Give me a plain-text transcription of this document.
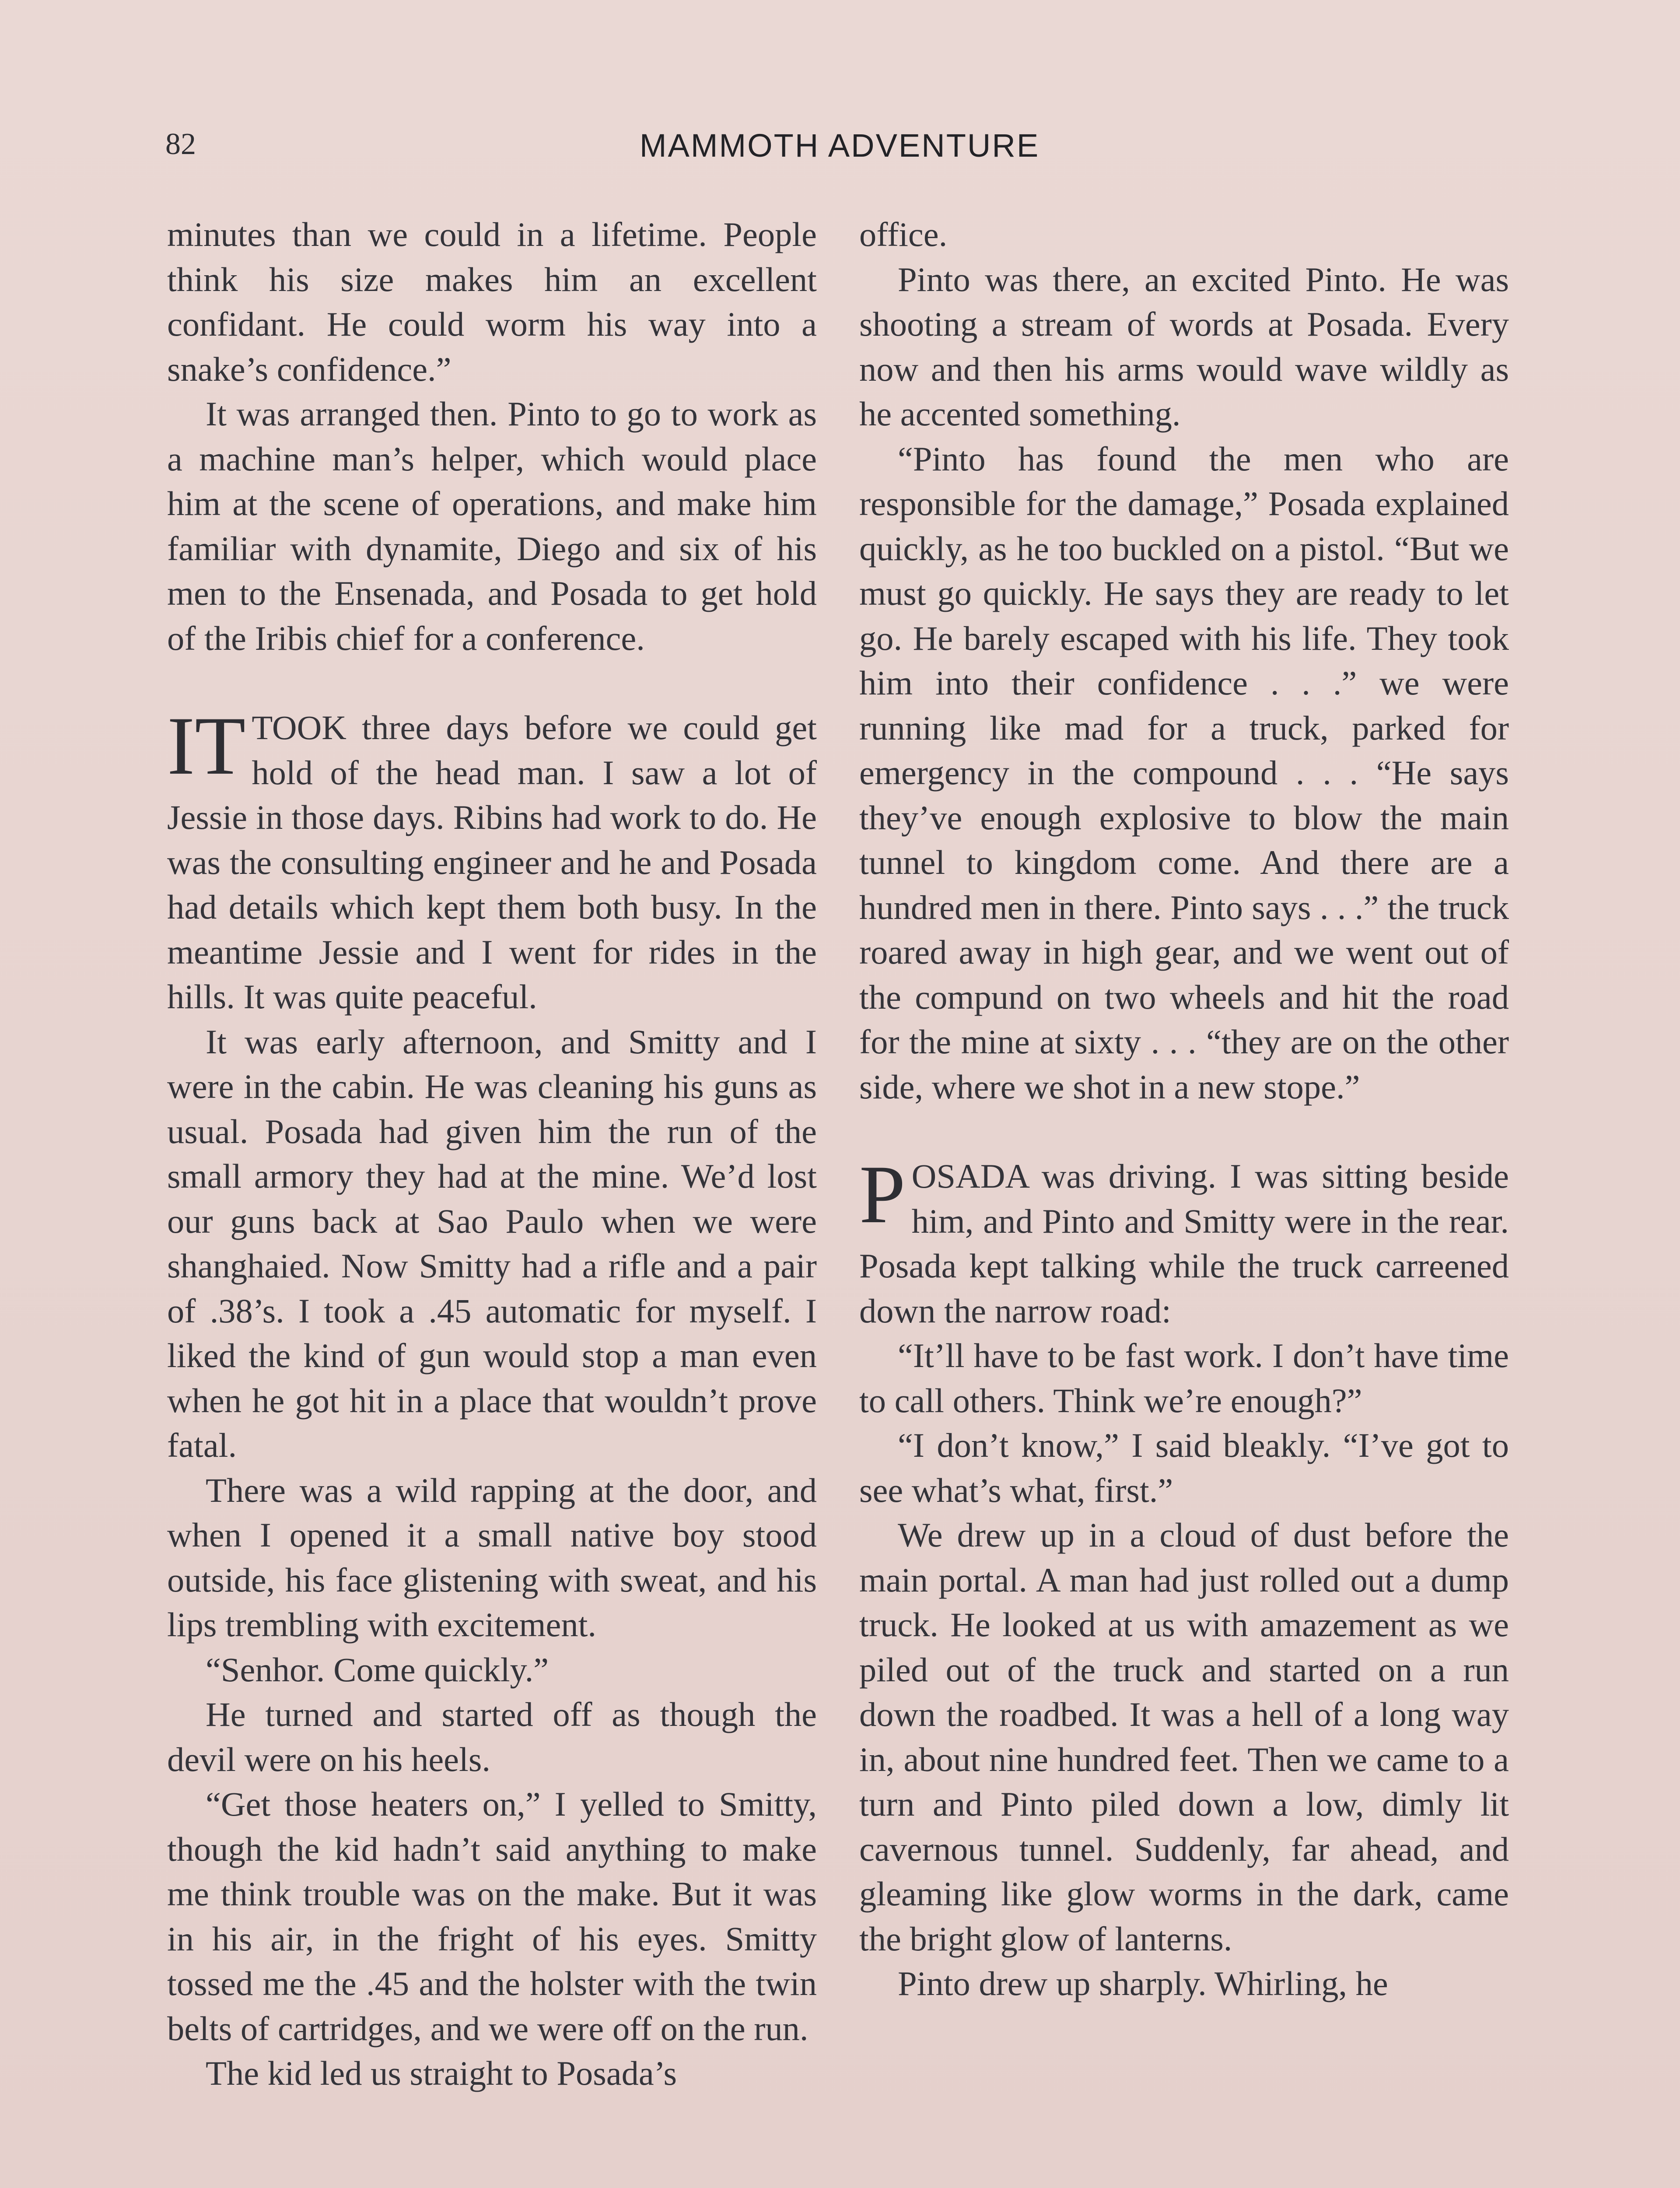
82	MAMMOTH ADVENTURE

minutes than we could in a lifetime. People think his size makes him an excellent confidant. He could worm his way into a snake’s confidence.”

It was arranged then. Pinto to go to work as a machine man’s helper, which would place him at the scene of operations, and make him familiar with dynamite, Diego and six of his men to the Ensenada, and Posada to get hold of the Iribis chief for a conference.

IT TOOK three days before we could get hold of the head man. I saw a lot of Jessie in those days. Ribins had work to do. He was the consulting engineer and he and Posada had details which kept them both busy. In the meantime Jessie and I went for rides in the hills. It was quite peaceful.

It was early afternoon, and Smitty and I were in the cabin. He was cleaning his guns as usual. Posada had given him the run of the small armory they had at the mine. We’d lost our guns back at Sao Paulo when we were shanghaied. Now Smitty had a rifle and a pair of .38’s. I took a .45 automatic for myself. I liked the kind of gun would stop a man even when he got hit in a place that wouldn’t prove fatal.

There was a wild rapping at the door, and when I opened it a small native boy stood outside, his face glistening with sweat, and his lips trembling with excitement.

“Senhor. Come quickly.”

He turned and started off as though the devil were on his heels.

“Get those heaters on,” I yelled to Smitty, though the kid hadn’t said anything to make me think trouble was on the make. But it was in his air, in the fright of his eyes. Smitty tossed me the .45 and the holster with the twin belts of cartridges, and we were off on the run.

The kid led us straight to Posada’s

office.

Pinto was there, an excited Pinto. He was shooting a stream of words at Posada. Every now and then his arms would wave wildly as he accented something.

“Pinto has found the men who are responsible for the damage,” Posada explained quickly, as he too buckled on a pistol. “But we must go quickly. He says they are ready to let go. He barely escaped with his life. They took him into their confidence . . .” we were running like mad for a truck, parked for emergency in the compound . . . “He says they’ve enough explosive to blow the main tunnel to kingdom come. And there are a hundred men in there. Pinto says . . .” the truck roared away in high gear, and we went out of the compund on two wheels and hit the road for the mine at sixty . . . “they are on the other side, where we shot in a new stope.”

POSADA was driving. I was sitting beside him, and Pinto and Smitty were in the rear. Posada kept talking while the truck carreened down the narrow road:

“It’ll have to be fast work. I don’t have time to call others. Think we’re enough?”

“I don’t know,” I said bleakly. “I’ve got to see what’s what, first.”

We drew up in a cloud of dust before the main portal. A man had just rolled out a dump truck. He looked at us with amazement as we piled out of the truck and started on a run down the roadbed. It was a hell of a long way in, about nine hundred feet. Then we came to a turn and Pinto piled down a low, dimly lit cavernous tunnel. Suddenly, far ahead, and gleaming like glow worms in the dark, came the bright glow of lanterns.

Pinto drew up sharply. Whirling, he
